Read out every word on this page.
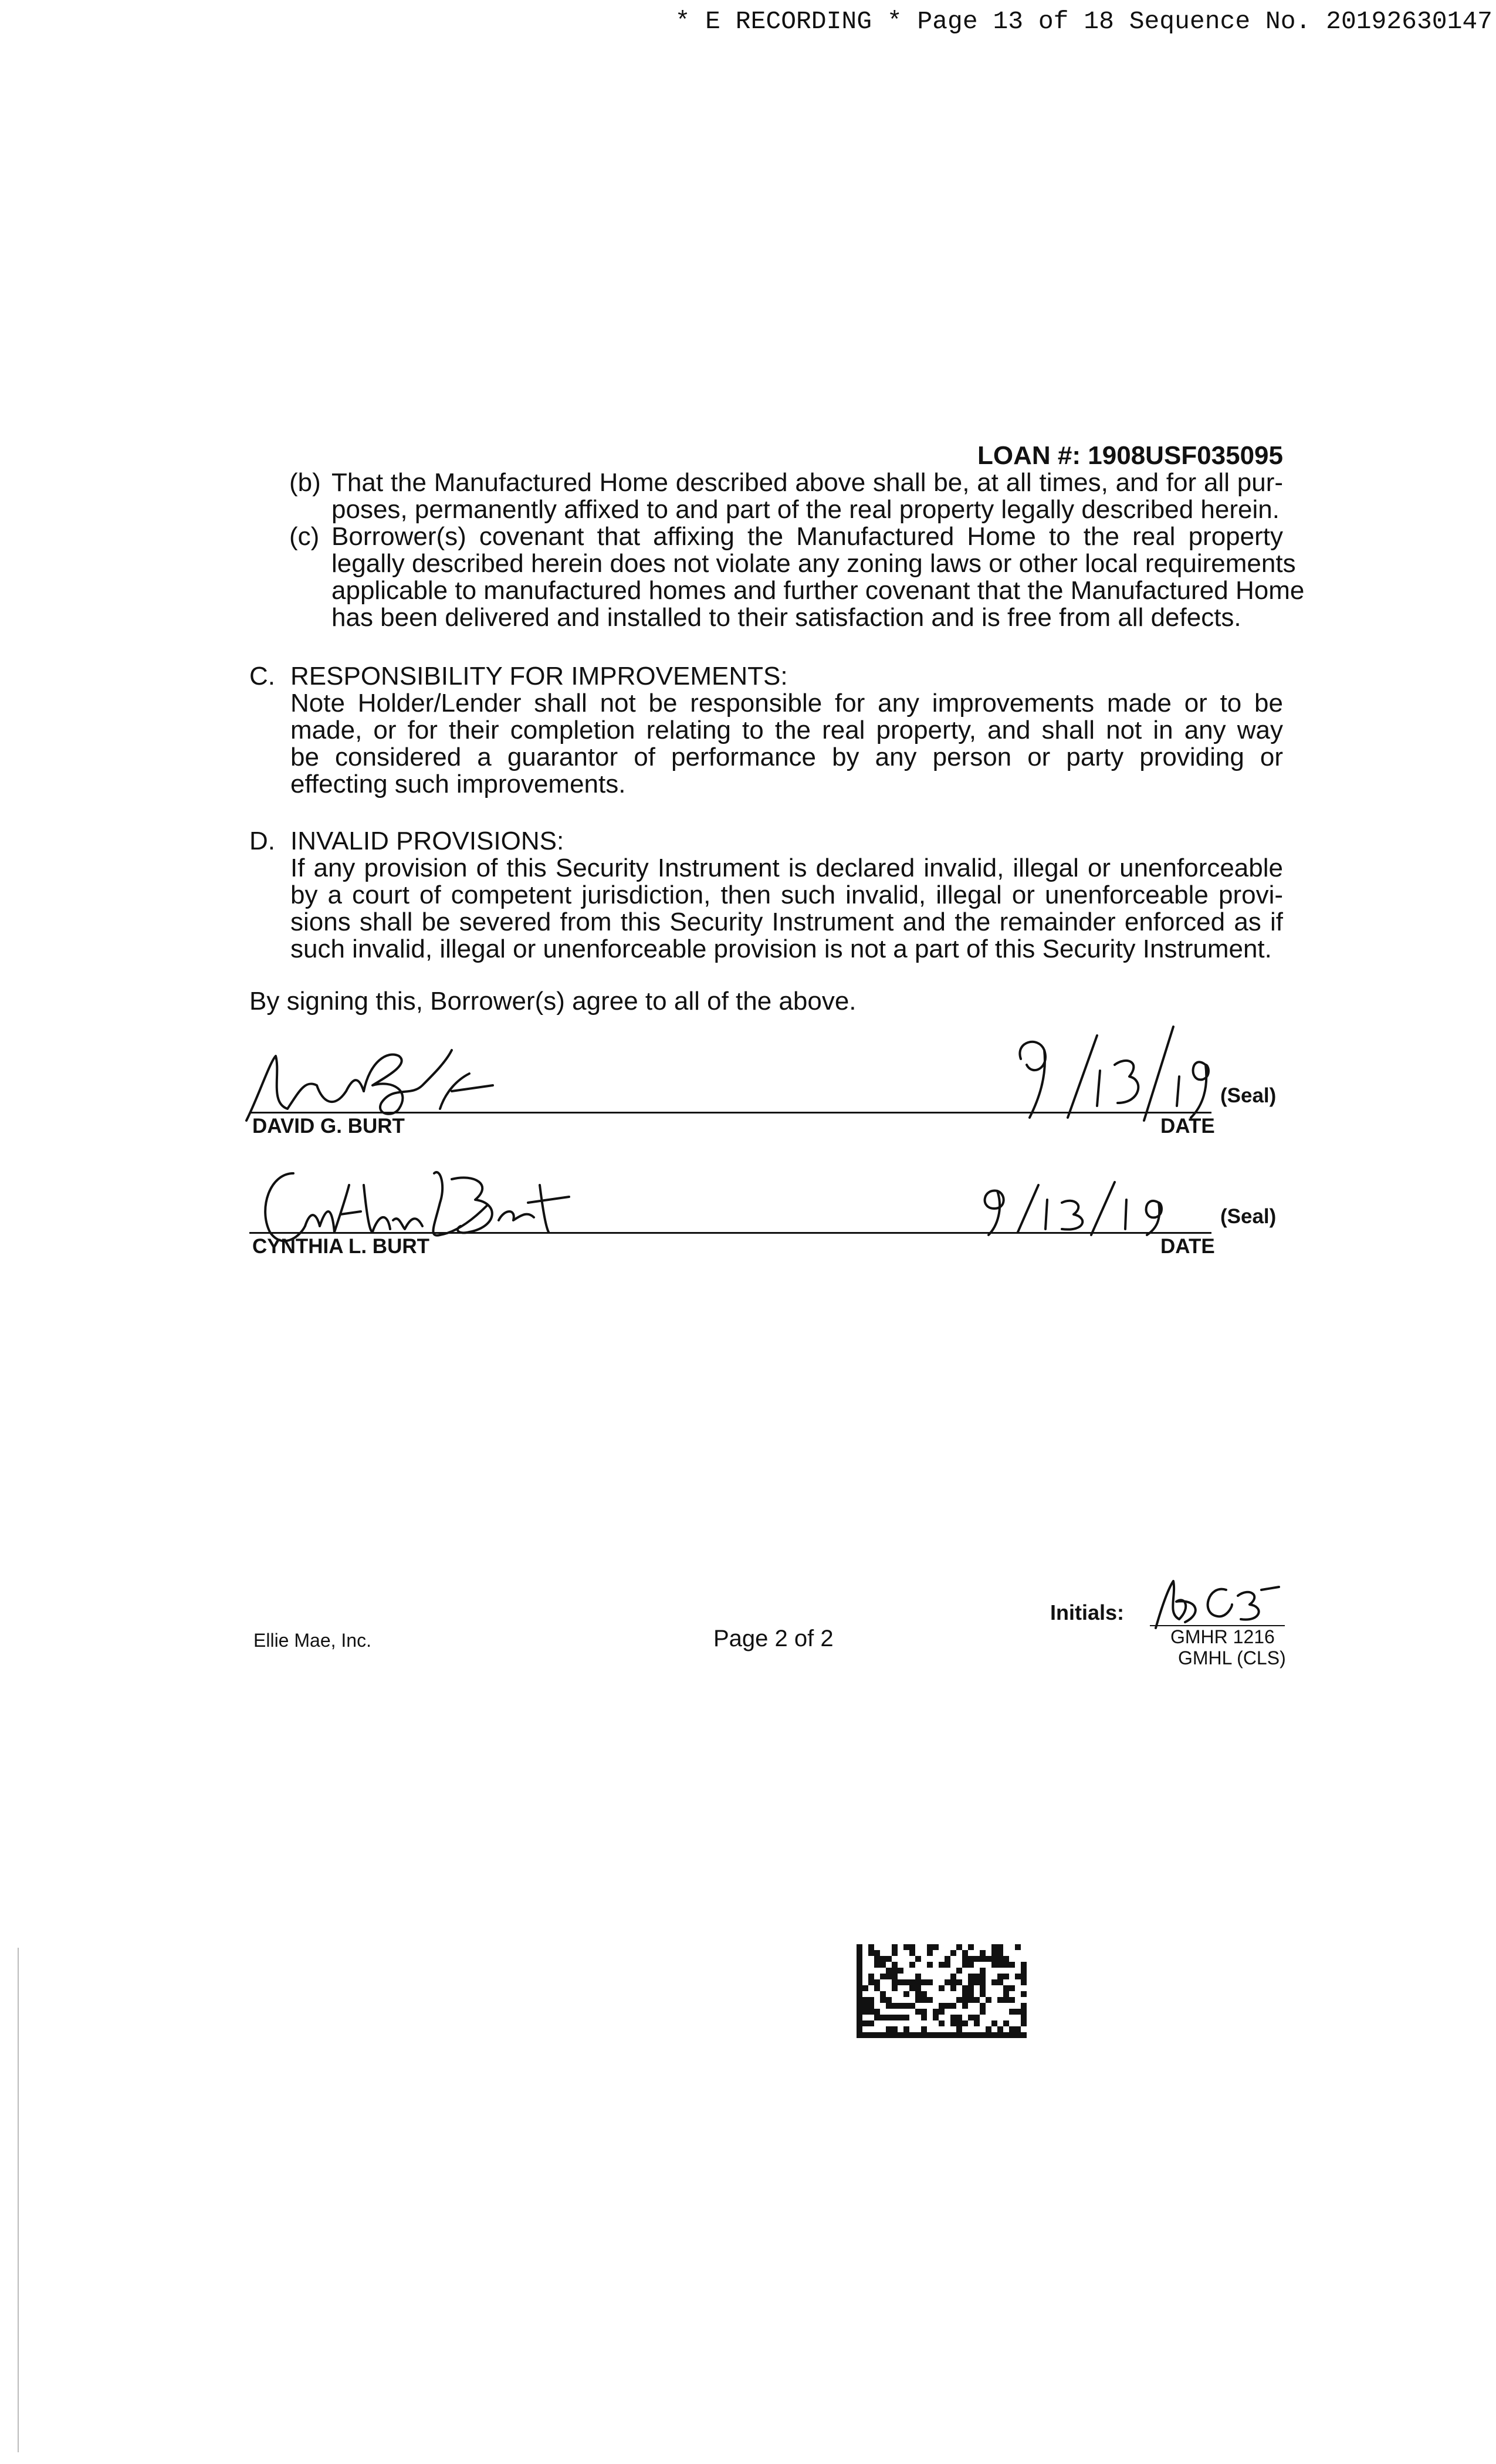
* E RECORDING * Page 13 of 18 Sequence No. 20192630147
LOAN #: 1908USF035095
(b) That the Manufactured Home described above shall be, at all times, and for all pur-
poses, permanently affixed to and part of the real property legally described herein.
(c) Borrower(s) covenant that affixing the Manufactured Home to the real property
legally described herein does not violate any zoning laws or other local requirements
applicable to manufactured homes and further covenant that the Manufactured Home
has been delivered and installed to their satisfaction and is free from all defects.
C. RESPONSIBILITY FOR IMPROVEMENTS:
Note Holder/Lender shall not be responsible for any improvements made or to be
made, or for their completion relating to the real property, and shall not in any way
be considered a guarantor of performance by any person or party providing or
effecting such improvements.
D. INVALID PROVISIONS:
If any provision of this Security Instrument is declared invalid, illegal or unenforceable
by a court of competent jurisdiction, then such invalid, illegal or unenforceable provi-
sions shall be severed from this Security Instrument and the remainder enforced as if
such invalid, illegal or unenforceable provision is not a part of this Security Instrument.
By signing this, Borrower(s) agree to all of the above.
(Seal)
DAVID G. BURT	DATE
(Seal)
CYNTHIA L. BURT	DATE
Ellie Mae, Inc.	Page 2 of 2
Initials:
GMHR 1216
GMHL (CLS)
